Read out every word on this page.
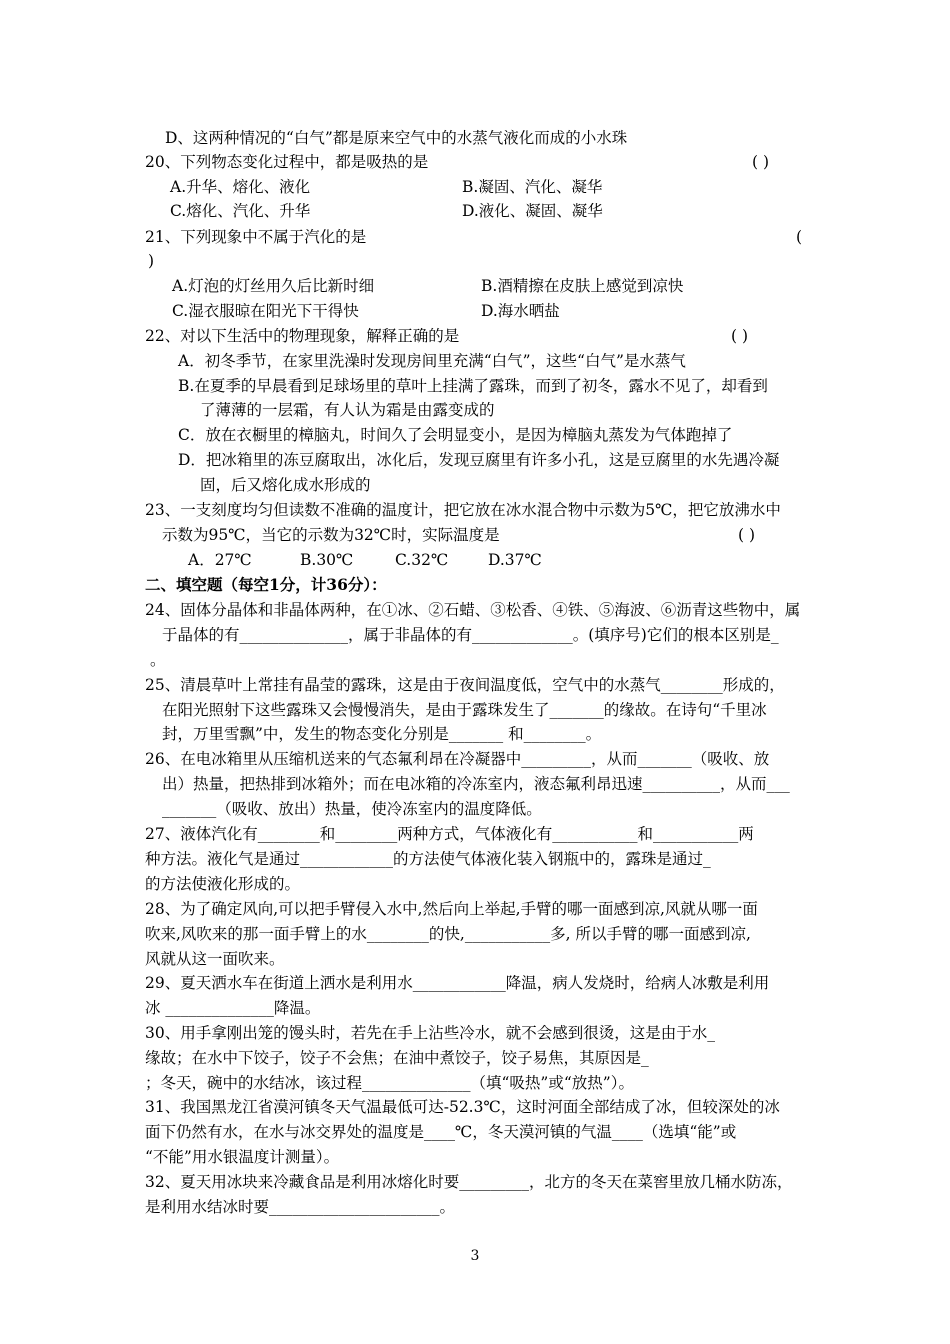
D、这两种情况的“白气”都是原来空气中的水蒸气液化而成的小水珠
20、下列物态变化过程中，都是吸热的是	( )
A.升华、熔化、液化	B.凝固、汽化、凝华
C.熔化、汽化、升华	D.液化、凝固、凝华
21、下列现象中不属于汽化的是	(
)
A.灯泡的灯丝用久后比新时细	B.酒精擦在皮肤上感觉到凉快
C.湿衣服晾在阳光下干得快	D.海水晒盐
22、对以下生活中的物理现象，解释正确的是	( )
A．初冬季节，在家里洗澡时发现房间里充满“白气”，这些“白气”是水蒸气
B.在夏季的早晨看到足球场里的草叶上挂满了露珠，而到了初冬，露水不见了，却看到
了薄薄的一层霜，有人认为霜是由露变成的
C．放在衣橱里的樟脑丸，时间久了会明显变小，是因为樟脑丸蒸发为气体跑掉了
D．把冰箱里的冻豆腐取出，冰化后，发现豆腐里有许多小孔，这是豆腐里的水先遇冷凝
固，后又熔化成水形成的
23、一支刻度均匀但读数不准确的温度计，把它放在冰水混合物中示数为5℃，把它放沸水中
示数为95℃，当它的示数为32℃时，实际温度是	( )
A．27℃	B.30℃	C.32℃	D.37℃
二、填空题（每空1分，计36分）：
24、固体分晶体和非晶体两种，在①冰、②石蜡、③松香、④铁、⑤海波、⑥沥青这些物中，属
于晶体的有______________，属于非晶体的有_____________。(填序号)它们的根本区别是_
。
25、清晨草叶上常挂有晶莹的露珠，这是由于夜间温度低，空气中的水蒸气________形成的，
在阳光照射下这些露珠又会慢慢消失，是由于露珠发生了_______的缘故。在诗句“千里冰
封，万里雪飘”中，发生的物态变化分别是_______ 和________。
26、在电冰箱里从压缩机送来的气态氟利昂在冷凝器中_________，从而_______（吸收、放
出）热量，把热排到冰箱外；而在电冰箱的冷冻室内，液态氟利昂迅速__________，从而___
_______（吸收、放出）热量，使冷冻室内的温度降低。
27、液体汽化有________和________两种方式，气体液化有___________和___________两
种方法。液化气是通过____________的方法使气体液化装入钢瓶中的，露珠是通过_
的方法使液化形成的。
28、为了确定风向,可以把手臂侵入水中,然后向上举起,手臂的哪一面感到凉,风就从哪一面
吹来,风吹来的那一面手臂上的水________的快,___________多, 所以手臂的哪一面感到凉,
风就从这一面吹来。
29、夏天洒水车在街道上洒水是利用水____________降温，病人发烧时，给病人冰敷是利用
冰 ______________降温。
30、用手拿刚出笼的馒头时，若先在手上沾些冷水，就不会感到很烫，这是由于水_
缘故；在水中下饺子，饺子不会焦；在油中煮饺子，饺子易焦，其原因是_
；冬天，碗中的水结冰，该过程______________（填“吸热”或“放热”）。
31、我国黑龙江省漠河镇冬天气温最低可达-52.3℃，这时河面全部结成了冰，但较深处的冰
面下仍然有水，在水与冰交界处的温度是____℃，冬天漠河镇的气温____（选填“能”或
“不能”用水银温度计测量）。
32、夏天用冰块来冷藏食品是利用冰熔化时要_________，北方的冬天在菜窖里放几桶水防冻，
是利用水结冰时要______________________。
3
